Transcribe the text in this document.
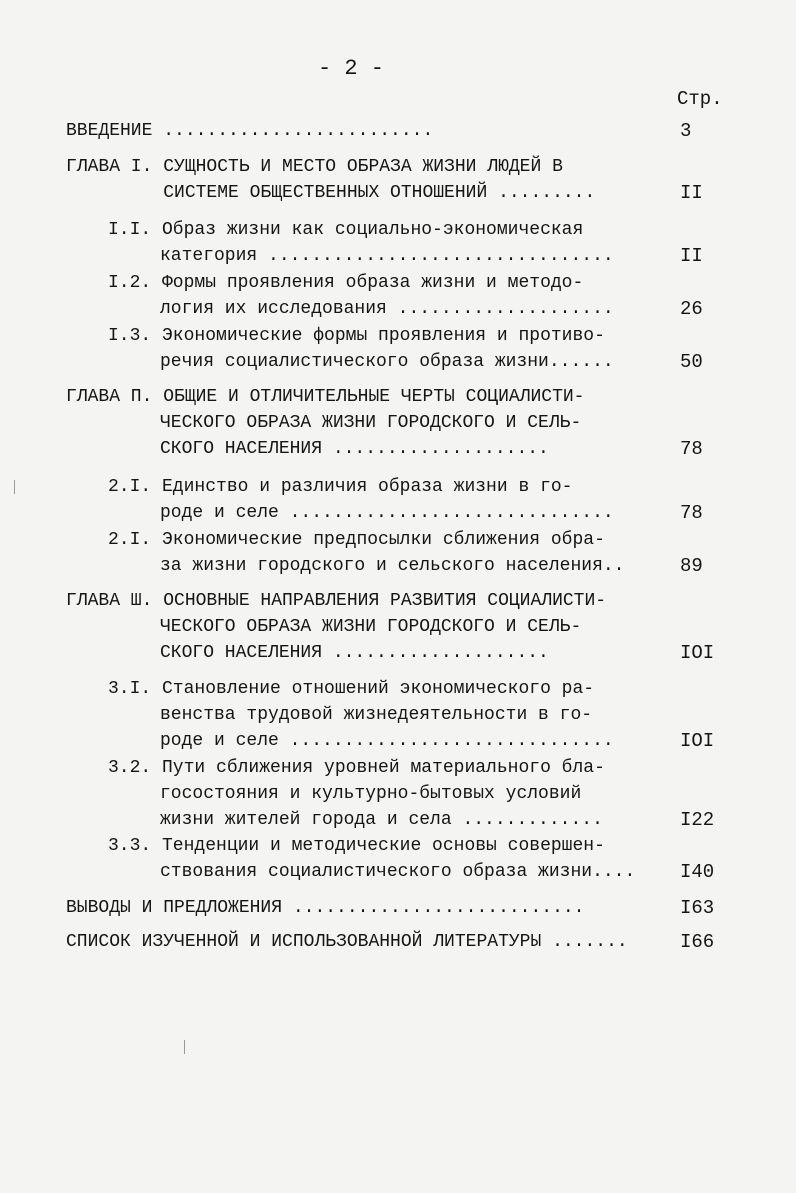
- 2 -
Стр.
ВВЕДЕНИЕ .........................	3
ГЛАВА I. СУЩНОСТЬ И МЕСТО ОБРАЗА ЖИЗНИ ЛЮДЕЙ В
СИСТЕМЕ ОБЩЕСТВЕННЫХ ОТНОШЕНИЙ .........	II
I.I. Образ жизни как социально-экономическая
категория ................................	II
I.2. Формы проявления образа жизни и методо-
логия их исследования ....................	26
I.3. Экономические формы проявления и противо-
речия социалистического образа жизни......	50
ГЛАВА П. ОБЩИЕ И ОТЛИЧИТЕЛЬНЫЕ ЧЕРТЫ СОЦИАЛИСТИ-
ЧЕСКОГО ОБРАЗА ЖИЗНИ ГОРОДСКОГО И СЕЛЬ-
СКОГО НАСЕЛЕНИЯ ....................	78
2.I. Единство и различия образа жизни в го-
роде и селе ..............................	78
2.I. Экономические предпосылки сближения обра-
за жизни городского и сельского населения..	89
ГЛАВА Ш. ОСНОВНЫЕ НАПРАВЛЕНИЯ РАЗВИТИЯ СОЦИАЛИСТИ-
ЧЕСКОГО ОБРАЗА ЖИЗНИ ГОРОДСКОГО И СЕЛЬ-
СКОГО НАСЕЛЕНИЯ ....................	IOI
3.I. Становление отношений экономического ра-
венства трудовой жизнедеятельности в го-
роде и селе ..............................	IOI
3.2. Пути сближения уровней материального бла-
госостояния и культурно-бытовых условий
жизни жителей города и села .............	I22
3.3. Тенденции и методические основы совершен-
ствования социалистического образа жизни.... I40
ВЫВОДЫ И ПРЕДЛОЖЕНИЯ ...........................	I63
СПИСОК ИЗУЧЕННОЙ И ИСПОЛЬЗОВАННОЙ ЛИТЕРАТУРЫ .......	I66
